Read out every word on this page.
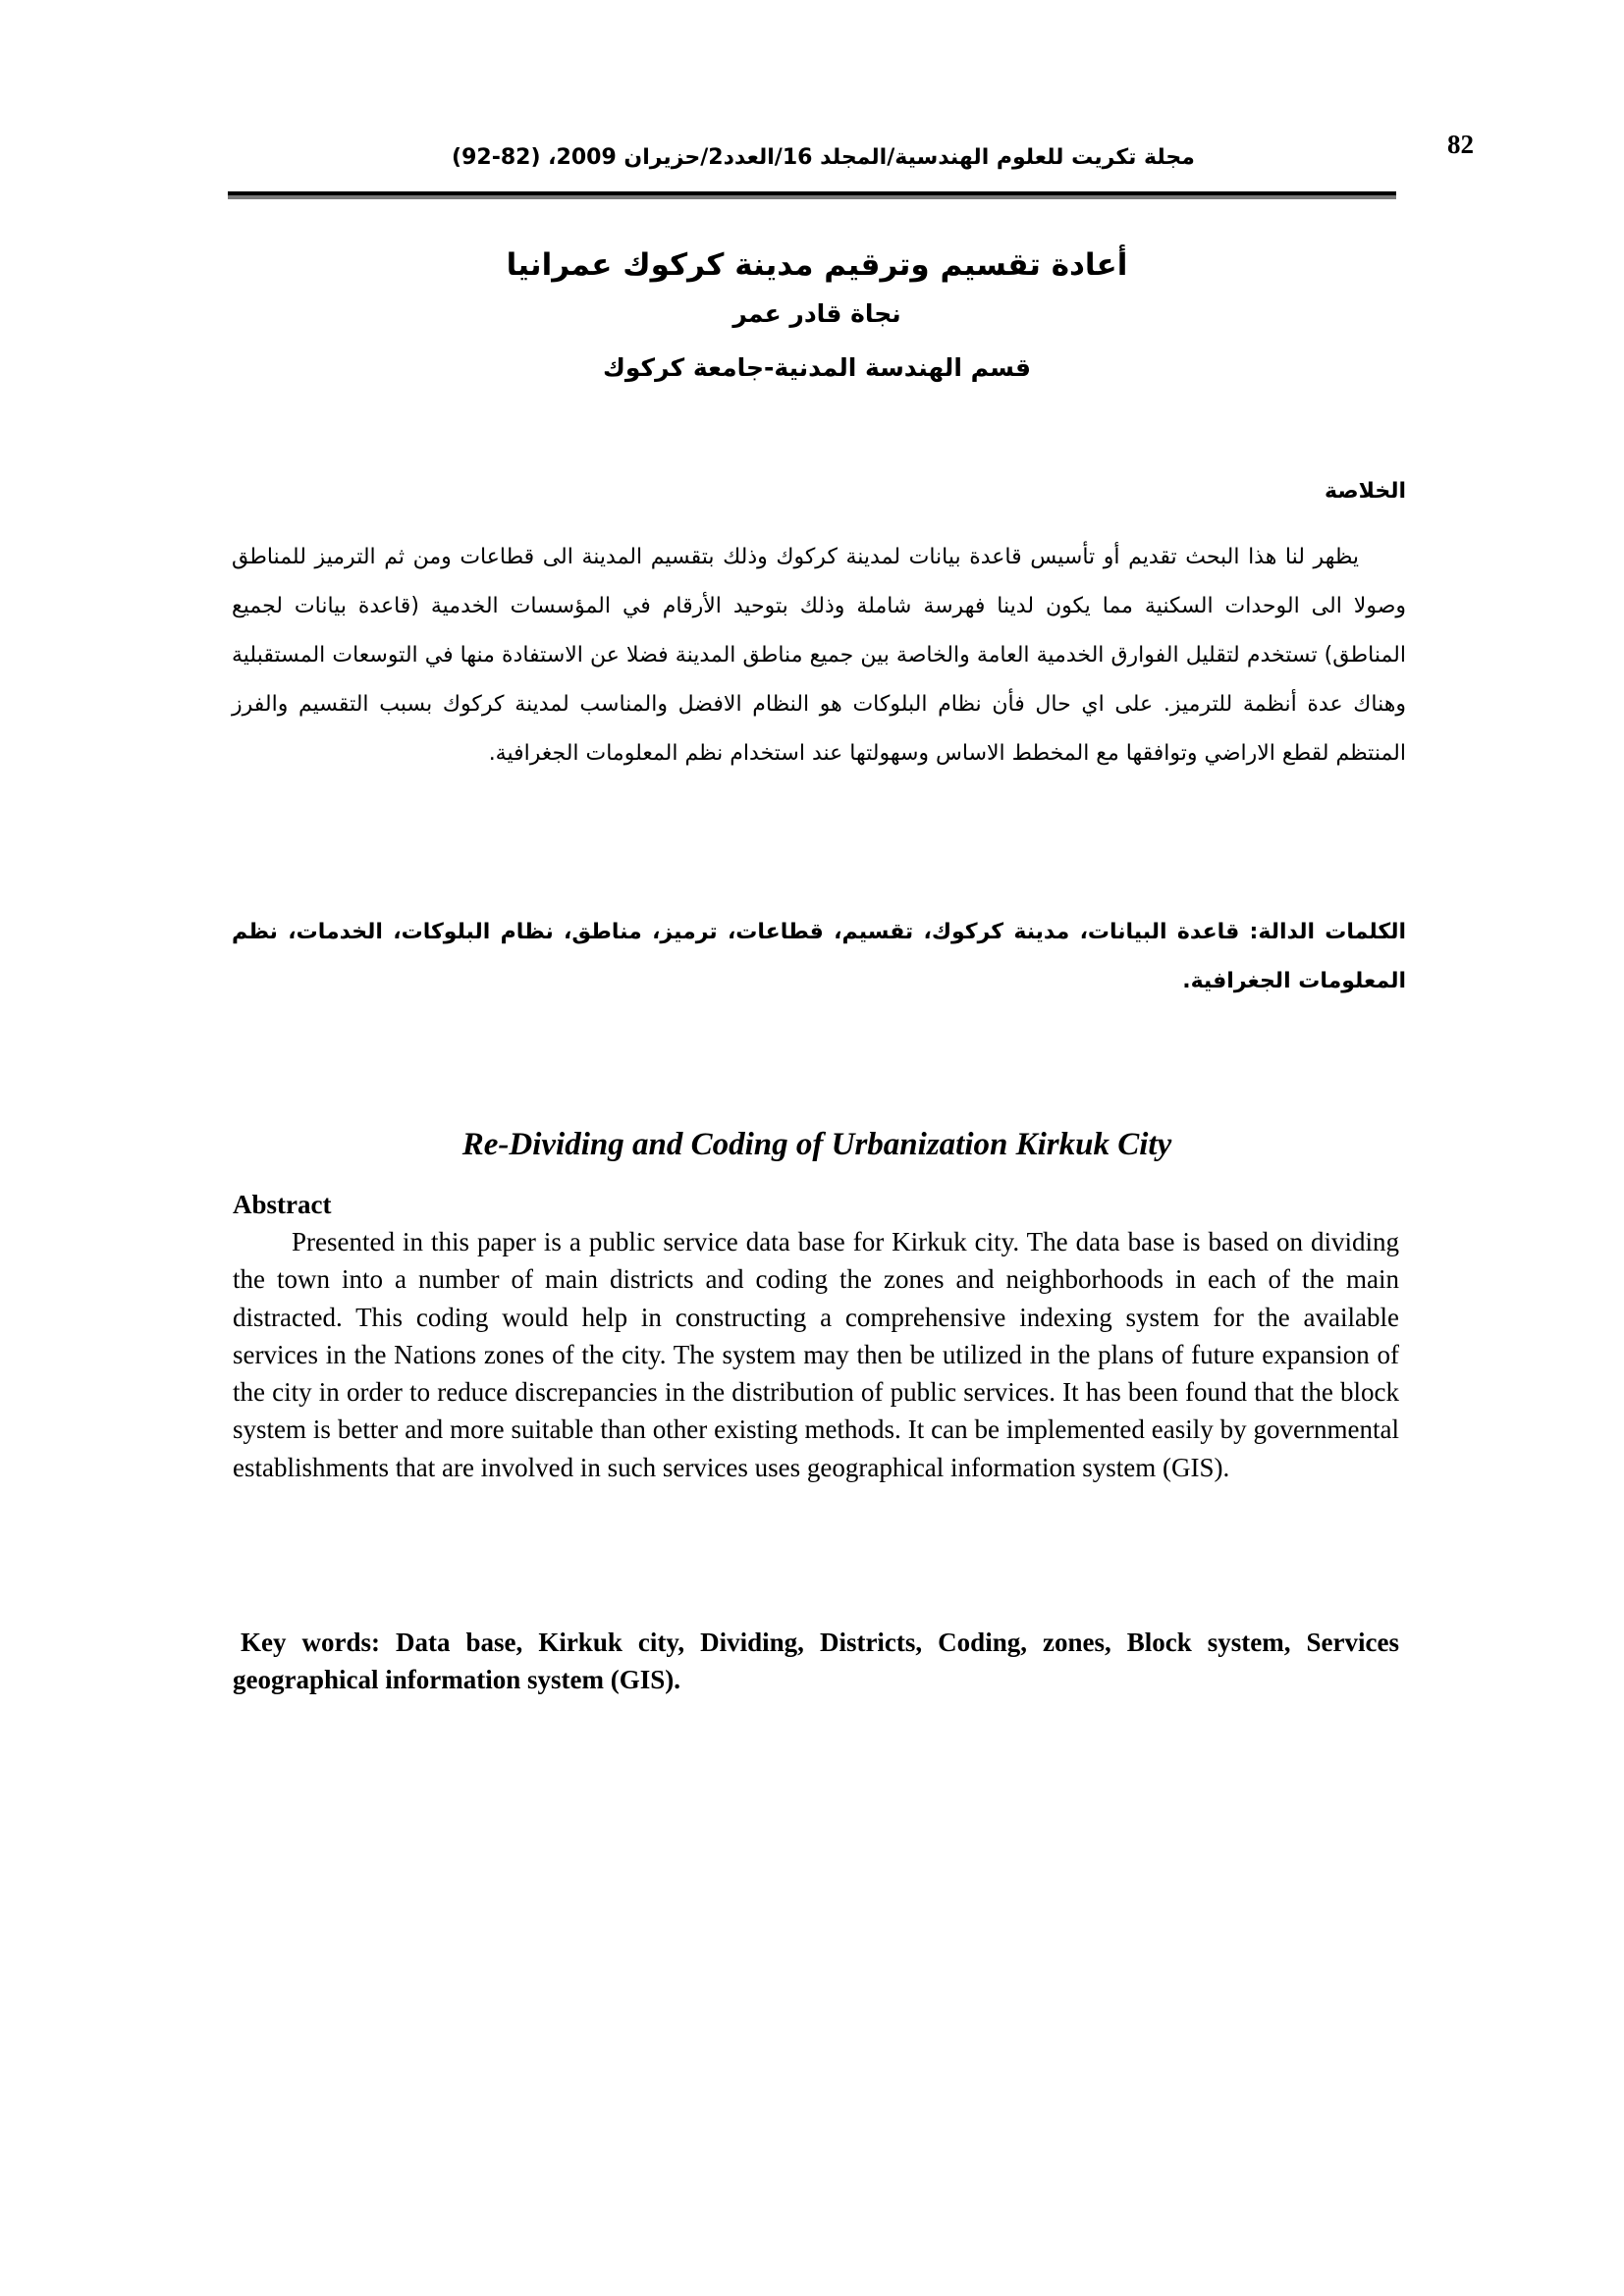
82
مجلة تكريت للعلوم الهندسية/المجلد 16/العدد2/حزيران 2009، (82-92)
أعادة تقسيم وترقيم مدينة كركوك عمرانيا
نجاة قادر عمر
قسم الهندسة المدنية-جامعة كركوك
الخلاصة
يظهر لنا هذا البحث تقديم أو تأسيس قاعدة بيانات لمدينة كركوك وذلك بتقسيم المدينة الى قطاعات ومن ثم الترميز للمناطق وصولا الى الوحدات السكنية مما يكون لدينا فهرسة شاملة وذلك بتوحيد الأرقام في المؤسسات الخدمية (قاعدة بيانات لجميع المناطق) تستخدم لتقليل الفوارق الخدمية العامة والخاصة بين جميع مناطق المدينة فضلا عن الاستفادة منها في التوسعات المستقبلية وهناك عدة أنظمة للترميز. على اي حال فأن نظام البلوكات هو النظام الافضل والمناسب لمدينة كركوك بسبب التقسيم والفرز المنتظم لقطع الاراضي وتوافقها مع المخطط الاساس وسهولتها عند استخدام نظم المعلومات الجغرافية.
الكلمات الدالة: قاعدة البيانات، مدينة كركوك، تقسيم، قطاعات، ترميز، مناطق، نظام البلوكات، الخدمات، نظم المعلومات الجغرافية.
Re-Dividing and Coding of Urbanization Kirkuk City
Abstract
Presented in this paper is a public service data base for Kirkuk city. The data base is based on dividing the town into a number of main districts and coding the zones and neighborhoods in each of the main distracted. This coding would help in constructing a comprehensive indexing system for the available services in the Nations zones of the city. The system may then be utilized in the plans of future expansion of the city in order to reduce discrepancies in the distribution of public services. It has been found that the block system is better and more suitable than other existing methods. It can be implemented easily by governmental establishments that are involved in such services uses geographical information system (GIS).
Key words: Data base, Kirkuk city, Dividing, Districts, Coding, zones, Block system, Services geographical information system (GIS).
